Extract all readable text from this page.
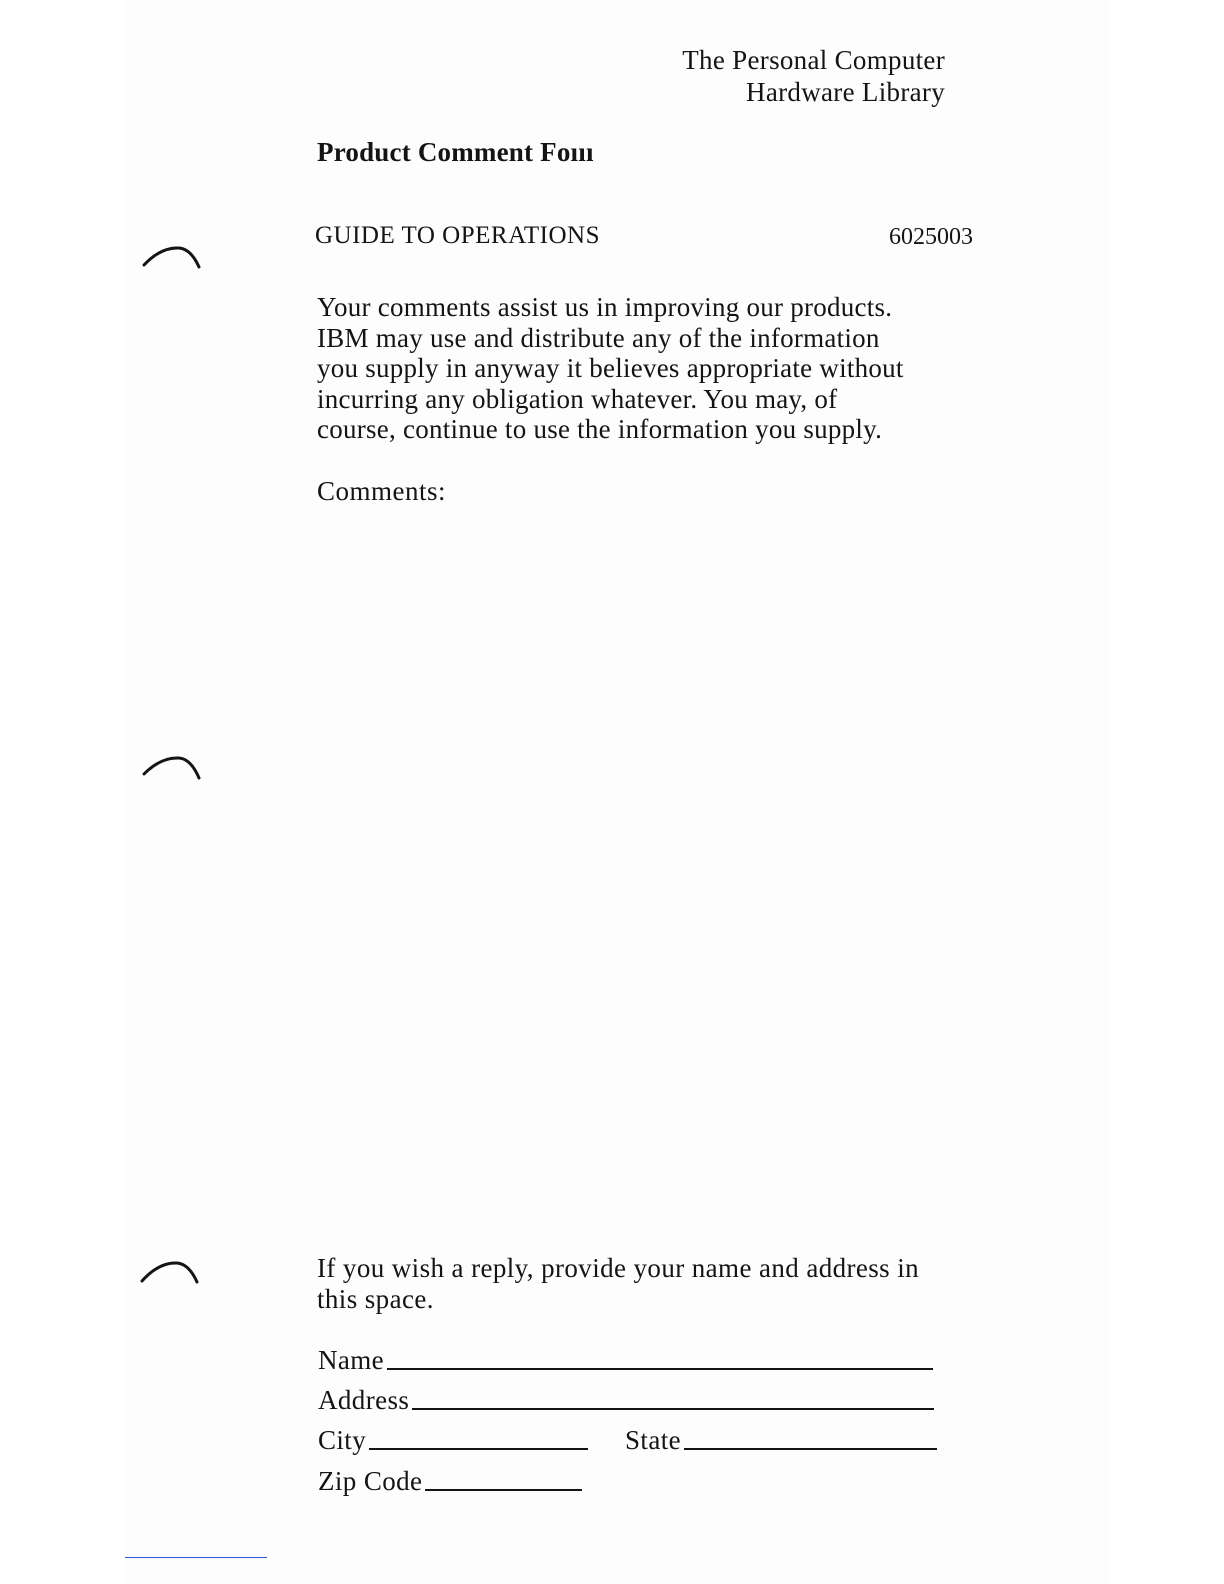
The Personal Computer
Hardware Library
Product Comment Foııı
GUIDE TO OPERATIONS	6025003
Your comments assist us in improving our products.
IBM may use and distribute any of the information
you supply in anyway it believes appropriate without
incurring any obligation whatever. You may, of
course, continue to use the information you supply.
Comments:
If you wish a reply, provide your name and address in
this space.
Name
Address
City	State
Zip Code
